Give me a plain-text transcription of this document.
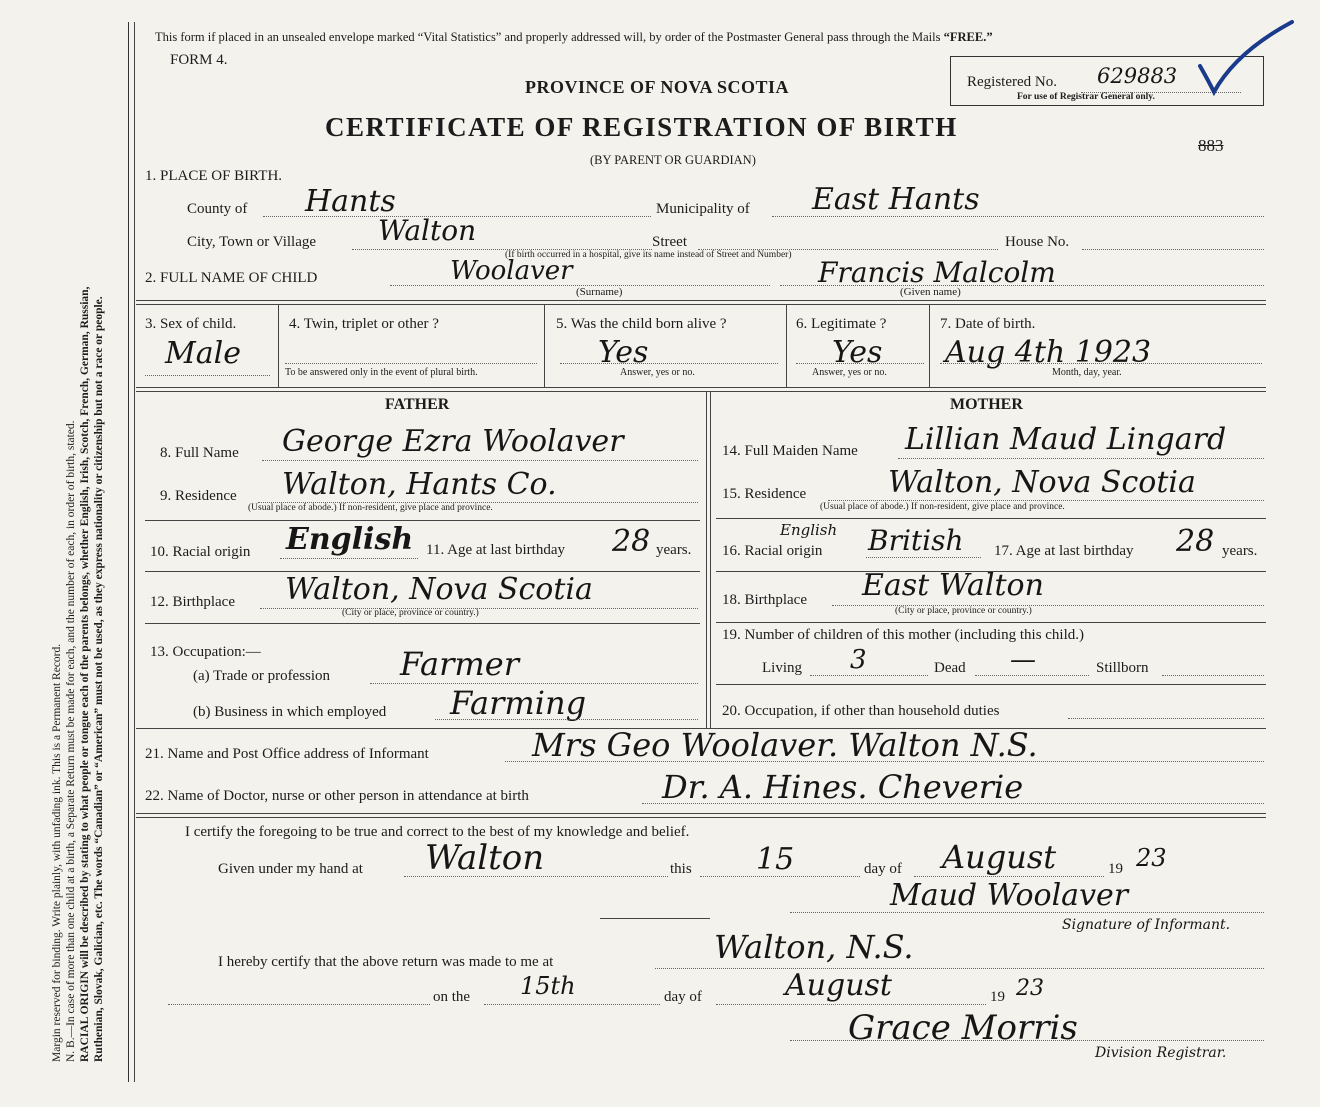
Margin reserved for binding. Write plainly, with unfading ink. This is a Permanent Record. N. B.—In case of more than one child at a birth, a Separate Return must be made for each, and the number of each, in order of birth, stated. RACIAL ORIGIN will be described by stating to what people or tongue each of the parents belongs, whether English, Irish, Scotch, French, German, Russian, Ruthenian, Slovak, Galician, etc. The words “Canadian” or “American” must not be used, as they express nationality or citizenship but not a race or people.
This form if placed in an unsealed envelope marked “Vital Statistics” and properly addressed will, by order of the Postmaster General pass through the Mails “FREE.”
FORM 4.
PROVINCE OF NOVA SCOTIA
CERTIFICATE OF REGISTRATION OF BIRTH
(BY PARENT OR GUARDIAN)
Registered No. 629883
For use of Registrar General only.
883
1. PLACE OF BIRTH.
County of Hants	Municipality of East Hants
City, Town or Village Walton	Street	House No.
(If birth occurred in a hospital, give its name instead of Street and Number)
2. FULL NAME OF CHILD	Woolaver
(Surname)
Francis Malcolm
(Given name)
3. Sex of child.
Male
4. Twin, triplet or other ?
To be answered only in the event of plural birth.
5. Was the child born alive ?
Yes
Answer, yes or no.
6. Legitimate ?
Yes
Answer, yes or no.
7. Date of birth.
Aug 4th 1923
Month, day, year.
FATHER	MOTHER
8. Full Name George Ezra Woolaver
9. Residence Walton, Hants Co.
(Usual place of abode.) If non-resident, give place and province.
10. Racial origin English 11. Age at last birthday 28 years.
12. Birthplace Walton, Nova Scotia
(City or place, province or country.)
13. Occupation:—
(a) Trade or profession Farmer
(b) Business in which employed Farming
14. Full Maiden Name Lillian Maud Lingard
15. Residence	Walton, Nova Scotia
(Usual place of abode.) If non-resident, give place and province.
16. Racial origin
English British 17. Age at last birthday 28 years.
18. Birthplace East Walton
(City or place, province or country.)
19. Number of children of this mother (including this child.)
Living 3	Dead —	Stillborn
20. Occupation, if other than household duties
21. Name and Post Office address of Informant	Mrs Geo Woolaver. Walton N.S.
22. Name of Doctor, nurse or other person in attendance at birth	Dr. A. Hines. Cheverie
I certify the foregoing to be true and correct to the best of my knowledge and belief.
Given under my hand at Walton	this 15	day of August	19 23
Maud Woolaver
Signature of Informant.
I hereby certify that the above return was made to me at	Walton, N.S.
on the 15th	day of	August	19 23
Grace Morris
Division Registrar.
